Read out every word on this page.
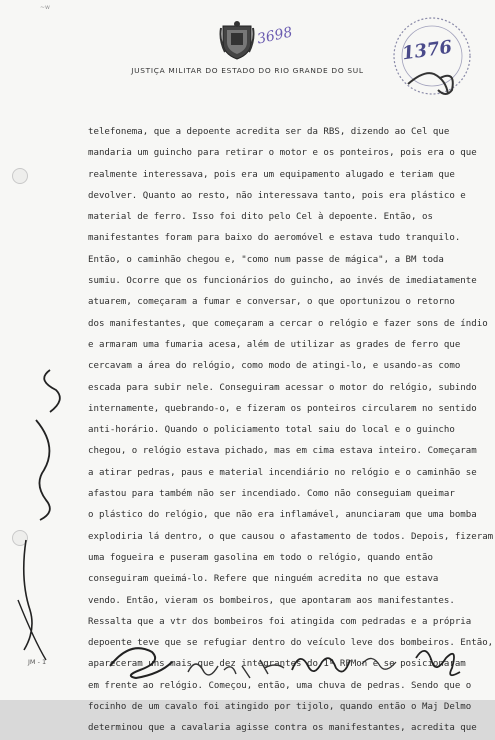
~w
3698
1376
JUSTIÇA MILITAR DO ESTADO DO RIO GRANDE DO SUL
telefonema, que a depoente acredita ser da RBS, dizendo ao Cel que
mandaria um guincho para retirar o motor e os ponteiros, pois era o que
realmente interessava, pois era um equipamento alugado e teriam que
devolver. Quanto ao resto, não interessava tanto, pois era plástico e
material de ferro. Isso foi dito pelo Cel à depoente. Então, os
manifestantes foram para baixo do aeromóvel e estava tudo tranquilo.
Então, o caminhão chegou e, "como num passe de mágica", a BM toda
sumiu. Ocorre que os funcionários do guincho, ao invés de imediatamente
atuarem, começaram a fumar e conversar, o que oportunizou o retorno
dos manifestantes, que começaram a cercar o relógio e fazer sons de índio
e armaram uma fumaria acesa, além de utilizar as grades de ferro que
cercavam a área do relógio, como modo de atingi-lo, e usando-as como
escada para subir nele. Conseguiram acessar o motor do relógio, subindo
internamente, quebrando-o, e fizeram os ponteiros circularem no sentido
anti-horário. Quando o policiamento total saiu do local e o guincho
chegou, o relógio estava pichado, mas em cima estava inteiro. Começaram
a atirar pedras, paus e material incendiário no relógio e o caminhão se
afastou para também não ser incendiado. Como não conseguiam queimar
o plástico do relógio, que não era inflamável, anunciaram que uma bomba
explodiria lá dentro, o que causou o afastamento de todos. Depois, fizeram
uma fogueira e puseram gasolina em todo o relógio, quando então
conseguiram queimá-lo. Refere que ninguém acredita no que estava
vendo. Então, vieram os bombeiros, que apontaram aos manifestantes.
Ressalta que a vtr dos bombeiros foi atingida com pedradas e a própria
depoente teve que se refugiar dentro do veículo leve dos bombeiros. Então,
apareceram uns mais que dez integrantes do 1º RPMon e se posicionaram
em frente ao relógio. Começou, então, uma chuva de pedras. Sendo que o
focinho de um cavalo foi atingido por tijolo, quando então o Maj Delmo
determinou que a cavalaria agisse contra os manifestantes, acredita que
JM - 1
